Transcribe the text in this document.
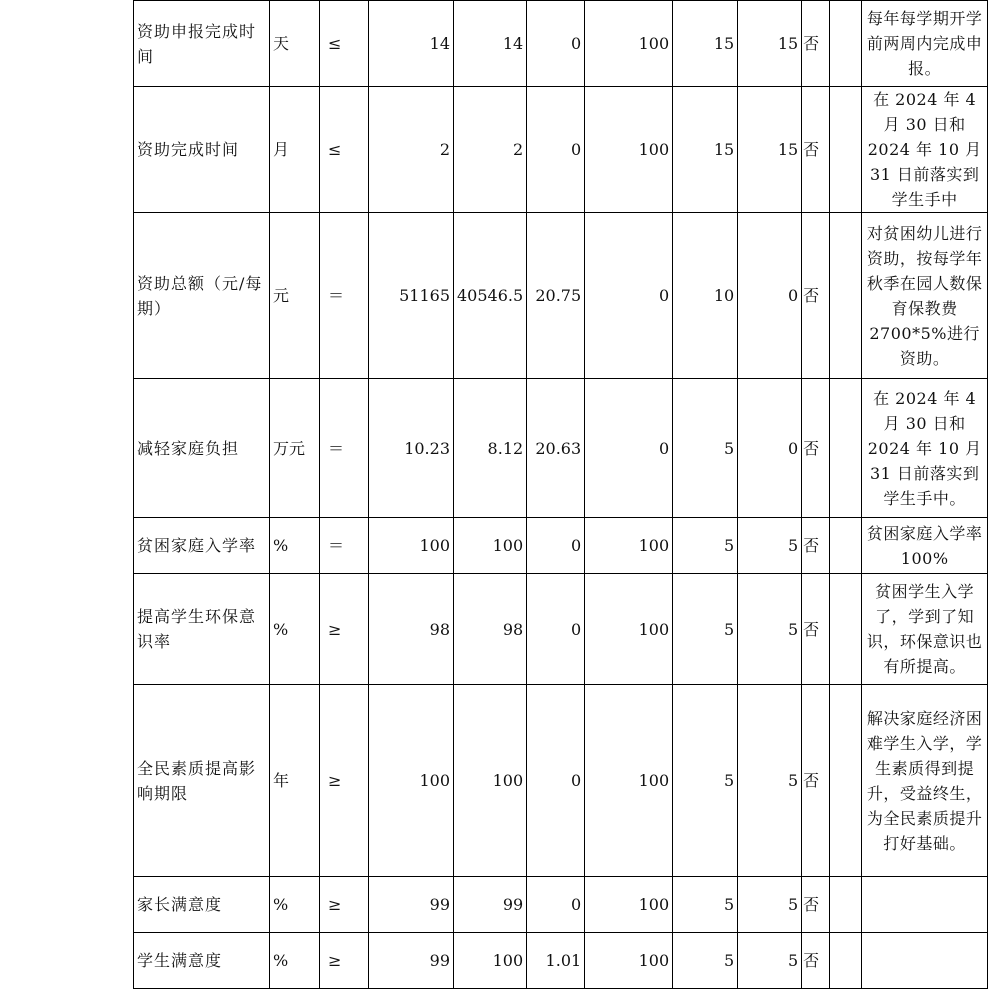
资助申报完成时间	天	≤	14	14	0	100	15	15	否		每年每学期开学前两周内完成申报。
资助完成时间	月	≤	2	2	0	100	15	15	否		在 2024 年 4 月 30 日和 2024 年 10 月 31 日前落实到学生手中
资助总额（元/每期）	元	＝	51165	40546.5	20.75	0	10	0	否		对贫困幼儿进行资助，按每学年秋季在园人数保育保教费 2700*5%进行资助。
减轻家庭负担	万元	＝	10.23	8.12	20.63	0	5	0	否		在 2024 年 4 月 30 日和 2024 年 10 月 31 日前落实到学生手中。
贫困家庭入学率	%	＝	100	100	0	100	5	5	否		贫困家庭入学率 100%
提高学生环保意识率	%	≥	98	98	0	100	5	5	否		贫困学生入学了，学到了知识，环保意识也有所提高。
全民素质提高影响期限	年	≥	100	100	0	100	5	5	否		解决家庭经济困难学生入学，学生素质得到提升，受益终生，为全民素质提升打好基础。
家长满意度	%	≥	99	99	0	100	5	5	否		
学生满意度	%	≥	99	100	1.01	100	5	5	否		
